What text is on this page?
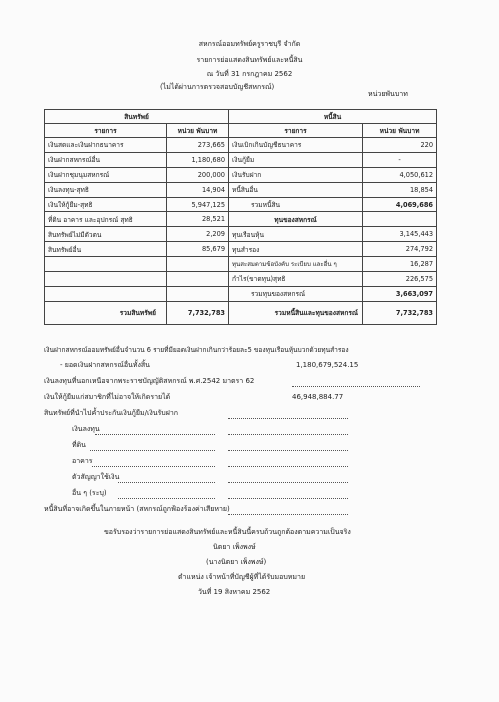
สหกรณ์ออมทรัพย์ครูราชบุรี จำกัด
รายการย่อแสดงสินทรัพย์และหนี้สิน
ณ วันที่ 31 กรกฎาคม 2562
(ไม่ได้ผ่านการตรวจสอบบัญชีสหกรณ์)
หน่วยพันบาท
สินทรัพย์		หนี้สิน	
รายการ	หน่วย พันบาท	รายการ	หน่วย พันบาท
เงินสดและเงินฝากธนาคาร	273,665	เงินเบิกเกินบัญชีธนาคาร	220
เงินฝากสหกรณ์อื่น	1,180,680	เงินกู้ยืม	-
เงินฝากชุมนุมสหกรณ์	200,000	เงินรับฝาก	4,050,612
เงินลงทุน-สุทธิ	14,904	หนี้สินอื่น	18,854
เงินให้กู้ยืม-สุทธิ	5,947,125	รวมหนี้สิน	4,069,686
ที่ดิน อาคาร และอุปกรณ์ สุทธิ	28,521	ทุนของสหกรณ์	
สินทรัพย์ไม่มีตัวตน	2,209	ทุนเรือนหุ้น	3,145,443
สินทรัพย์อื่น	85,679	ทุนสำรอง	274,792
		ทุนสะสมตามข้อบังคับ ระเบียบ และอื่น ๆ	16,287
		กำไร(ขาดทุน)สุทธิ	226,575
		รวมทุนของสหกรณ์	3,663,097
รวมสินทรัพย์	7,732,783	รวมหนี้สินและทุนของสหกรณ์	7,732,783
เงินฝากสหกรณ์ออมทรัพย์อื่นจำนวน 6 รายที่มียอดเงินฝากเกินกว่าร้อยละ5 ของทุนเรือนหุ้นบวกด้วยทุนสำรอง
- ยอดเงินฝากสหกรณ์อื่นทั้งสิ้น	1,180,679,524.15
เงินลงทุนที่นอกเหนือจากพระราชบัญญัติสหกรณ์ พ.ศ.2542 มาตรา 62
เงินให้กู้ยืมแก่สมาชิกที่ไม่อาจให้เกิดรายได้	46,948,884.77
สินทรัพย์ที่นำไปค้ำประกันเงินกู้ยืม/เงินรับฝาก
เงินลงทุน
ที่ดิน
อาคาร
ตัวสัญญาใช้เงิน
อื่น ๆ (ระบุ)
หนี้สินที่อาจเกิดขึ้นในภายหน้า (สหกรณ์ถูกฟ้องร้องค่าเสียหาย)
ขอรับรองว่ารายการย่อแสดงสินทรัพย์และหนี้สินนี้ครบถ้วนถูกต้องตามความเป็นจริง
นิตยา เพ็งพงษ์
(นางนิตยา เพ็งพงษ์)
ตำแหน่ง เจ้าหน้าที่บัญชีผู้ที่ได้รับมอบหมาย
วันที่ 19 สิงหาคม 2562
